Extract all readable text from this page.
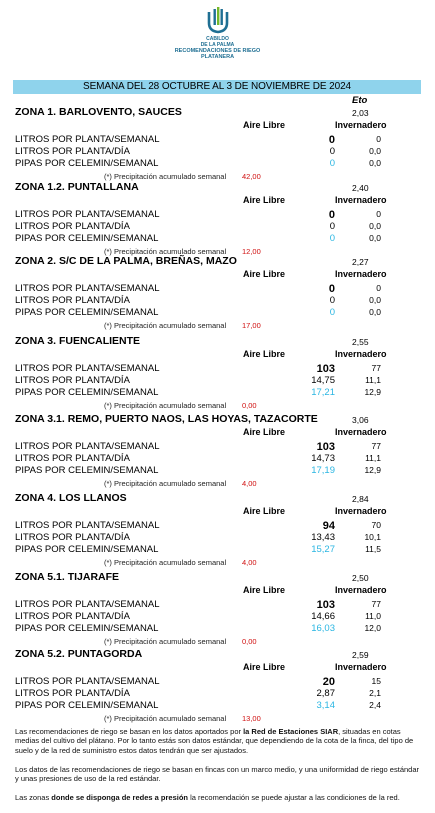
CABILDO
DE LA PALMA
RECOMENDACIONES DE RIEGO
PLATANERA
SEMANA DEL 28 OCTUBRE AL 3 DE NOVIEMBRE DE 2024
Eto
ZONA 1. BARLOVENTO, SAUCES	2,03
Aire Libre	Invernadero
LITROS POR PLANTA/SEMANAL	0	0
LITROS POR PLANTA/DÍA	0	0,0
PIPAS POR CELEMIN/SEMANAL	0	0,0
(*) Precipitación acumulado semanal 42,00
ZONA 1.2. PUNTALLANA	2,40
Aire Libre	Invernadero
LITROS POR PLANTA/SEMANAL	0	0
LITROS POR PLANTA/DÍA	0	0,0
PIPAS POR CELEMIN/SEMANAL	0	0,0
(*) Precipitación acumulado semanal 12,00
ZONA 2. S/C DE LA PALMA, BREÑAS, MAZO	2,27
Aire Libre	Invernadero
LITROS POR PLANTA/SEMANAL	0	0
LITROS POR PLANTA/DÍA	0	0,0
PIPAS POR CELEMIN/SEMANAL	0	0,0
(*) Precipitación acumulado semanal 17,00
ZONA 3. FUENCALIENTE	2,55
Aire Libre	Invernadero
LITROS POR PLANTA/SEMANAL	103	77
LITROS POR PLANTA/DÍA	14,75	11,1
PIPAS POR CELEMIN/SEMANAL	17,21	12,9
(*) Precipitación acumulado semanal 0,00
ZONA 3.1. REMO, PUERTO NAOS, LAS HOYAS, TAZACORTE	3,06
Aire Libre	Invernadero
LITROS POR PLANTA/SEMANAL	103	77
LITROS POR PLANTA/DÍA	14,73	11,1
PIPAS POR CELEMIN/SEMANAL	17,19	12,9
(*) Precipitación acumulado semanal 4,00
ZONA 4. LOS LLANOS	2,84
Aire Libre	Invernadero
LITROS POR PLANTA/SEMANAL	94	70
LITROS POR PLANTA/DÍA	13,43	10,1
PIPAS POR CELEMIN/SEMANAL	15,27	11,5
(*) Precipitación acumulado semanal 4,00
ZONA 5.1. TIJARAFE	2,50
Aire Libre	Invernadero
LITROS POR PLANTA/SEMANAL	103	77
LITROS POR PLANTA/DÍA	14,66	11,0
PIPAS POR CELEMIN/SEMANAL	16,03	12,0
(*) Precipitación acumulado semanal 0,00
ZONA 5.2. PUNTAGORDA	2,59
Aire Libre	Invernadero
LITROS POR PLANTA/SEMANAL	20	15
LITROS POR PLANTA/DÍA	2,87	2,1
PIPAS POR CELEMIN/SEMANAL	3,14	2,4
(*) Precipitación acumulado semanal 13,00

Las recomendaciones de riego se basan en los datos aportados por la Red de Estaciones SIAR, situadas en cotas medias del cultivo del plátano. Por lo tanto estás son datos estándar, que dependiendo de la cota de la finca, del tipo de suelo y de la red de suministro estos datos tendrán que ser ajustados.

Los datos de las recomendaciones de riego se basan en fincas con un marco medio, y una uniformidad de riego estándar y unas presiones de uso de la red estándar.

Las zonas donde se disponga de redes a presión la recomendación se puede ajustar a las condiciones de la red.
